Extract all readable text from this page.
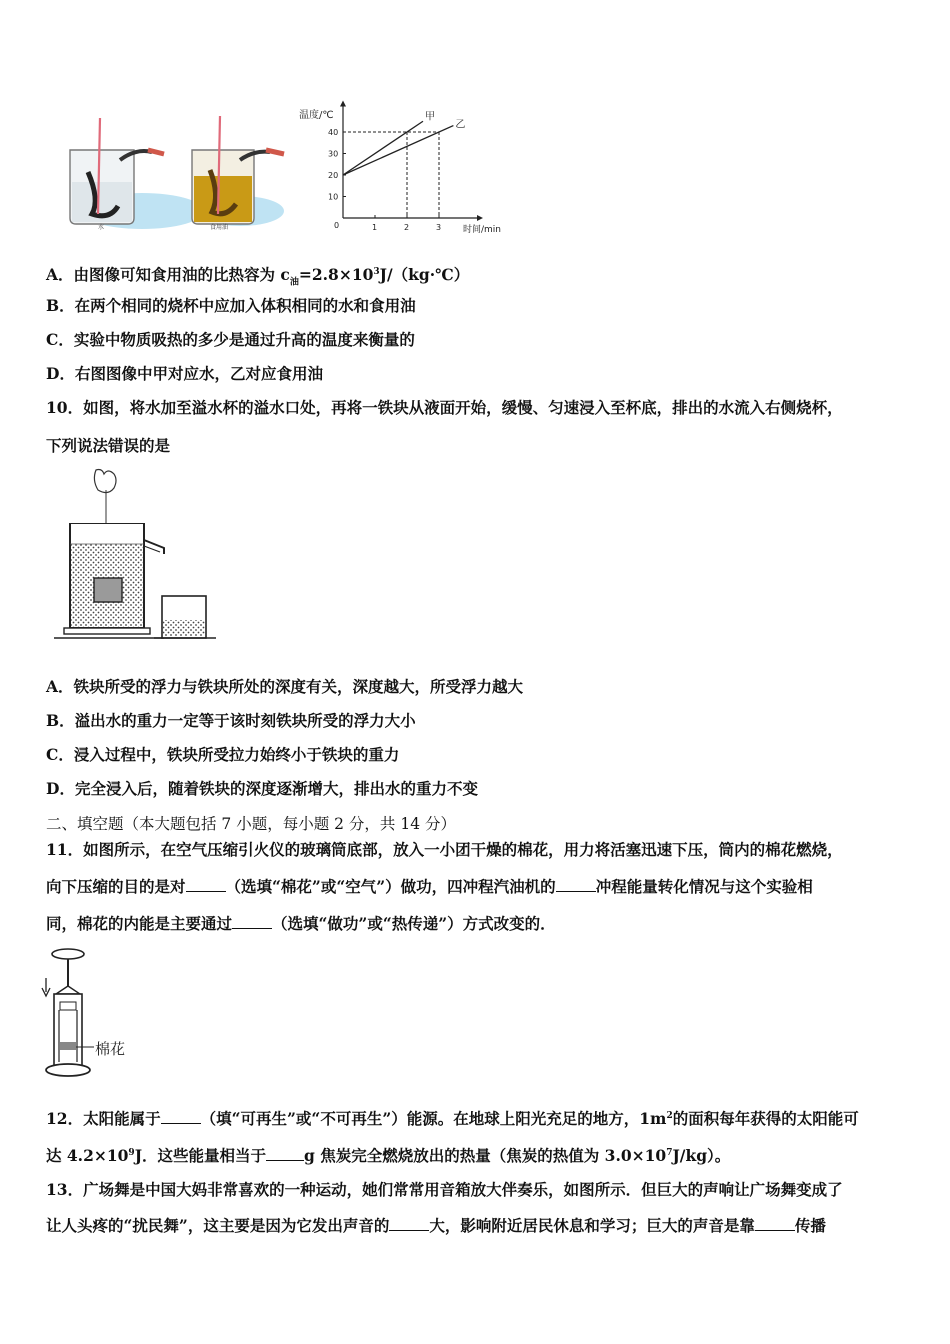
水	食用油
温度/℃
时间/min
0	1	2	3
10
20
30
40
甲
乙
A．由图像可知食用油的比热容为 $c_油=2.8\times 10^3J/(kg\cdot℃)$
B．在两个相同的烧杯中应加入体积相同的水和食用油
C．实验中物质吸热的多少是通过升高的温度来衡量的
D．右图图像中甲对应水，乙对应食用油
10．如图，将水加至溢水杯的溢水口处，再将一铁块从液面开始，缓慢、匀速浸入至杯底，排出的水流入右侧烧杯，
下列说法错误的是
A．铁块所受的浮力与铁块所处的深度有关，深度越大，所受浮力越大
B．溢出水的重力一定等于该时刻铁块所受的浮力大小
C．浸入过程中，铁块所受拉力始终小于铁块的重力
D．完全浸入后，随着铁块的深度逐渐增大，排出水的重力不变
二、填空题（本大题包括 7 小题，每小题 2 分，共 14 分）
11．如图所示，在空气压缩引火仪的玻璃筒底部，放入一小团干燥的棉花，用力将活塞迅速下压，筒内的棉花燃烧，
向下压缩的目的是对	（选填“棉花”或“空气”）做功，四冲程汽油机的	冲程能量转化情况与这个实验相
同，棉花的内能是主要通过	（选填“做功”或“热传递”）方式改变的．
棉花
12．太阳能属于	（填“可再生”或“不可再生”）能源。在地球上阳光充足的地方，$1m^2$的面积每年获得的太阳能可
达 $4.2\times 10^9J$．这些能量相当于 g 焦炭完全燃烧放出的热量（焦炭的热值为 $3.0\times 10^7J/kg$）。
13．广场舞是中国大妈非常喜欢的一种运动，她们常常用音箱放大伴奏乐，如图所示．但巨大的声响让广场舞变成了
让人头疼的“扰民舞”，这主要是因为它发出声音的	大，影响附近居民休息和学习；巨大的声音是靠	传播
